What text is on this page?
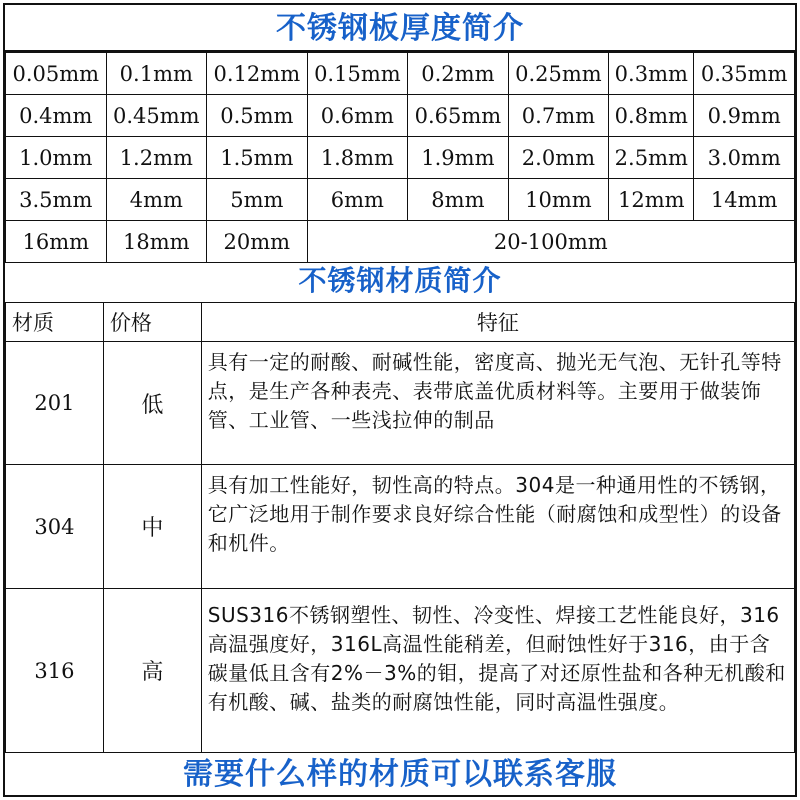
不锈钢板厚度简介
0.05mm	0.1mm	0.12mm	0.15mm	0.2mm	0.25mm	0.3mm	0.35mm
0.4mm	0.45mm	0.5mm	0.6mm	0.65mm	0.7mm	0.8mm	0.9mm
1.0mm	1.2mm	1.5mm	1.8mm	1.9mm	2.0mm	2.5mm	3.0mm
3.5mm	4mm	5mm	6mm	8mm	10mm	12mm	14mm
16mm	18mm	20mm	20-100mm				
不锈钢材质简介
材质	价格	特征
201	低	具有一定的耐酸、耐碱性能，密度高、抛光无气泡、无针孔等特点，是生产各种表壳、表带底盖优质材料等。主要用于做装饰管、工业管、一些浅拉伸的制品
304	中	具有加工性能好，韧性高的特点。304是一种通用性的不锈钢，它广泛地用于制作要求良好综合性能（耐腐蚀和成型性）的设备和机件。
316	高	SUS316不锈钢塑性、韧性、冷变性、焊接工艺性能良好，316高温强度好，316L高温性能稍差，但耐蚀性好于316，由于含碳量低且含有2%－3%的钼，提高了对还原性盐和各种无机酸和有机酸、碱、盐类的耐腐蚀性能，同时高温性强度。
需要什么样的材质可以联系客服
